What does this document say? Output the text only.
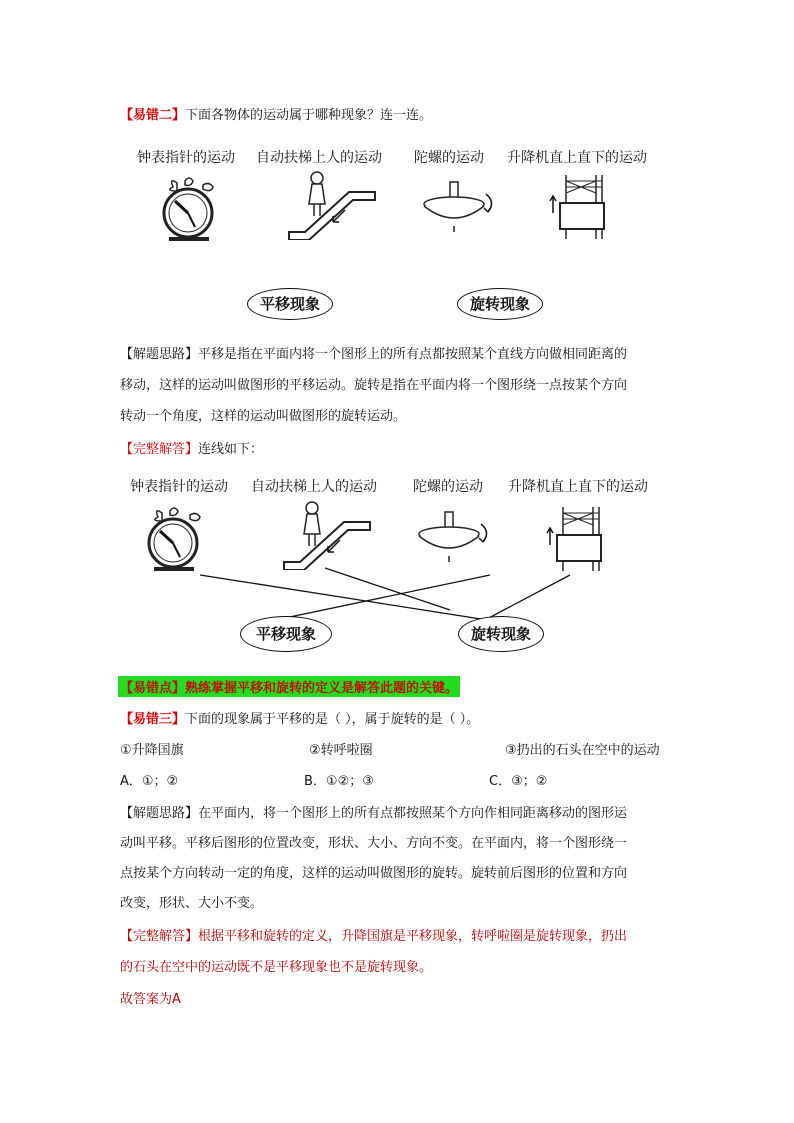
【易错二】下面各物体的运动属于哪种现象？连一连。
钟表指针的运动 自动扶梯上人的运动 陀螺的运动 升降机直上直下的运动
平移现象	旋转现象
【解题思路】平移是指在平面内将一个图形上的所有点都按照某个直线方向做相同距离的
移动，这样的运动叫做图形的平移运动。旋转是指在平面内将一个图形绕一点按某个方向
转动一个角度，这样的运动叫做图形的旋转运动。
【完整解答】连线如下：
钟表指针的运动 自动扶梯上人的运动	陀螺的运动 升降机直上直下的运动
平移现象	旋转现象
【易错点】熟练掌握平移和旋转的定义是解答此题的关键。
【易错三】下面的现象属于平移的是（ ），属于旋转的是（ ）。
①升降国旗	②转呼啦圈	③扔出的石头在空中的运动
A．①；②	B．①②；③	C．③；②
【解题思路】在平面内，将一个图形上的所有点都按照某个方向作相同距离移动的图形运
动叫平移。平移后图形的位置改变，形状、大小、方向不变。在平面内，将一个图形绕一
点按某个方向转动一定的角度，这样的运动叫做图形的旋转。旋转前后图形的位置和方向
改变，形状、大小不变。
【完整解答】根据平移和旋转的定义，升降国旗是平移现象，转呼啦圈是旋转现象，扔出
的石头在空中的运动既不是平移现象也不是旋转现象。
故答案为A
